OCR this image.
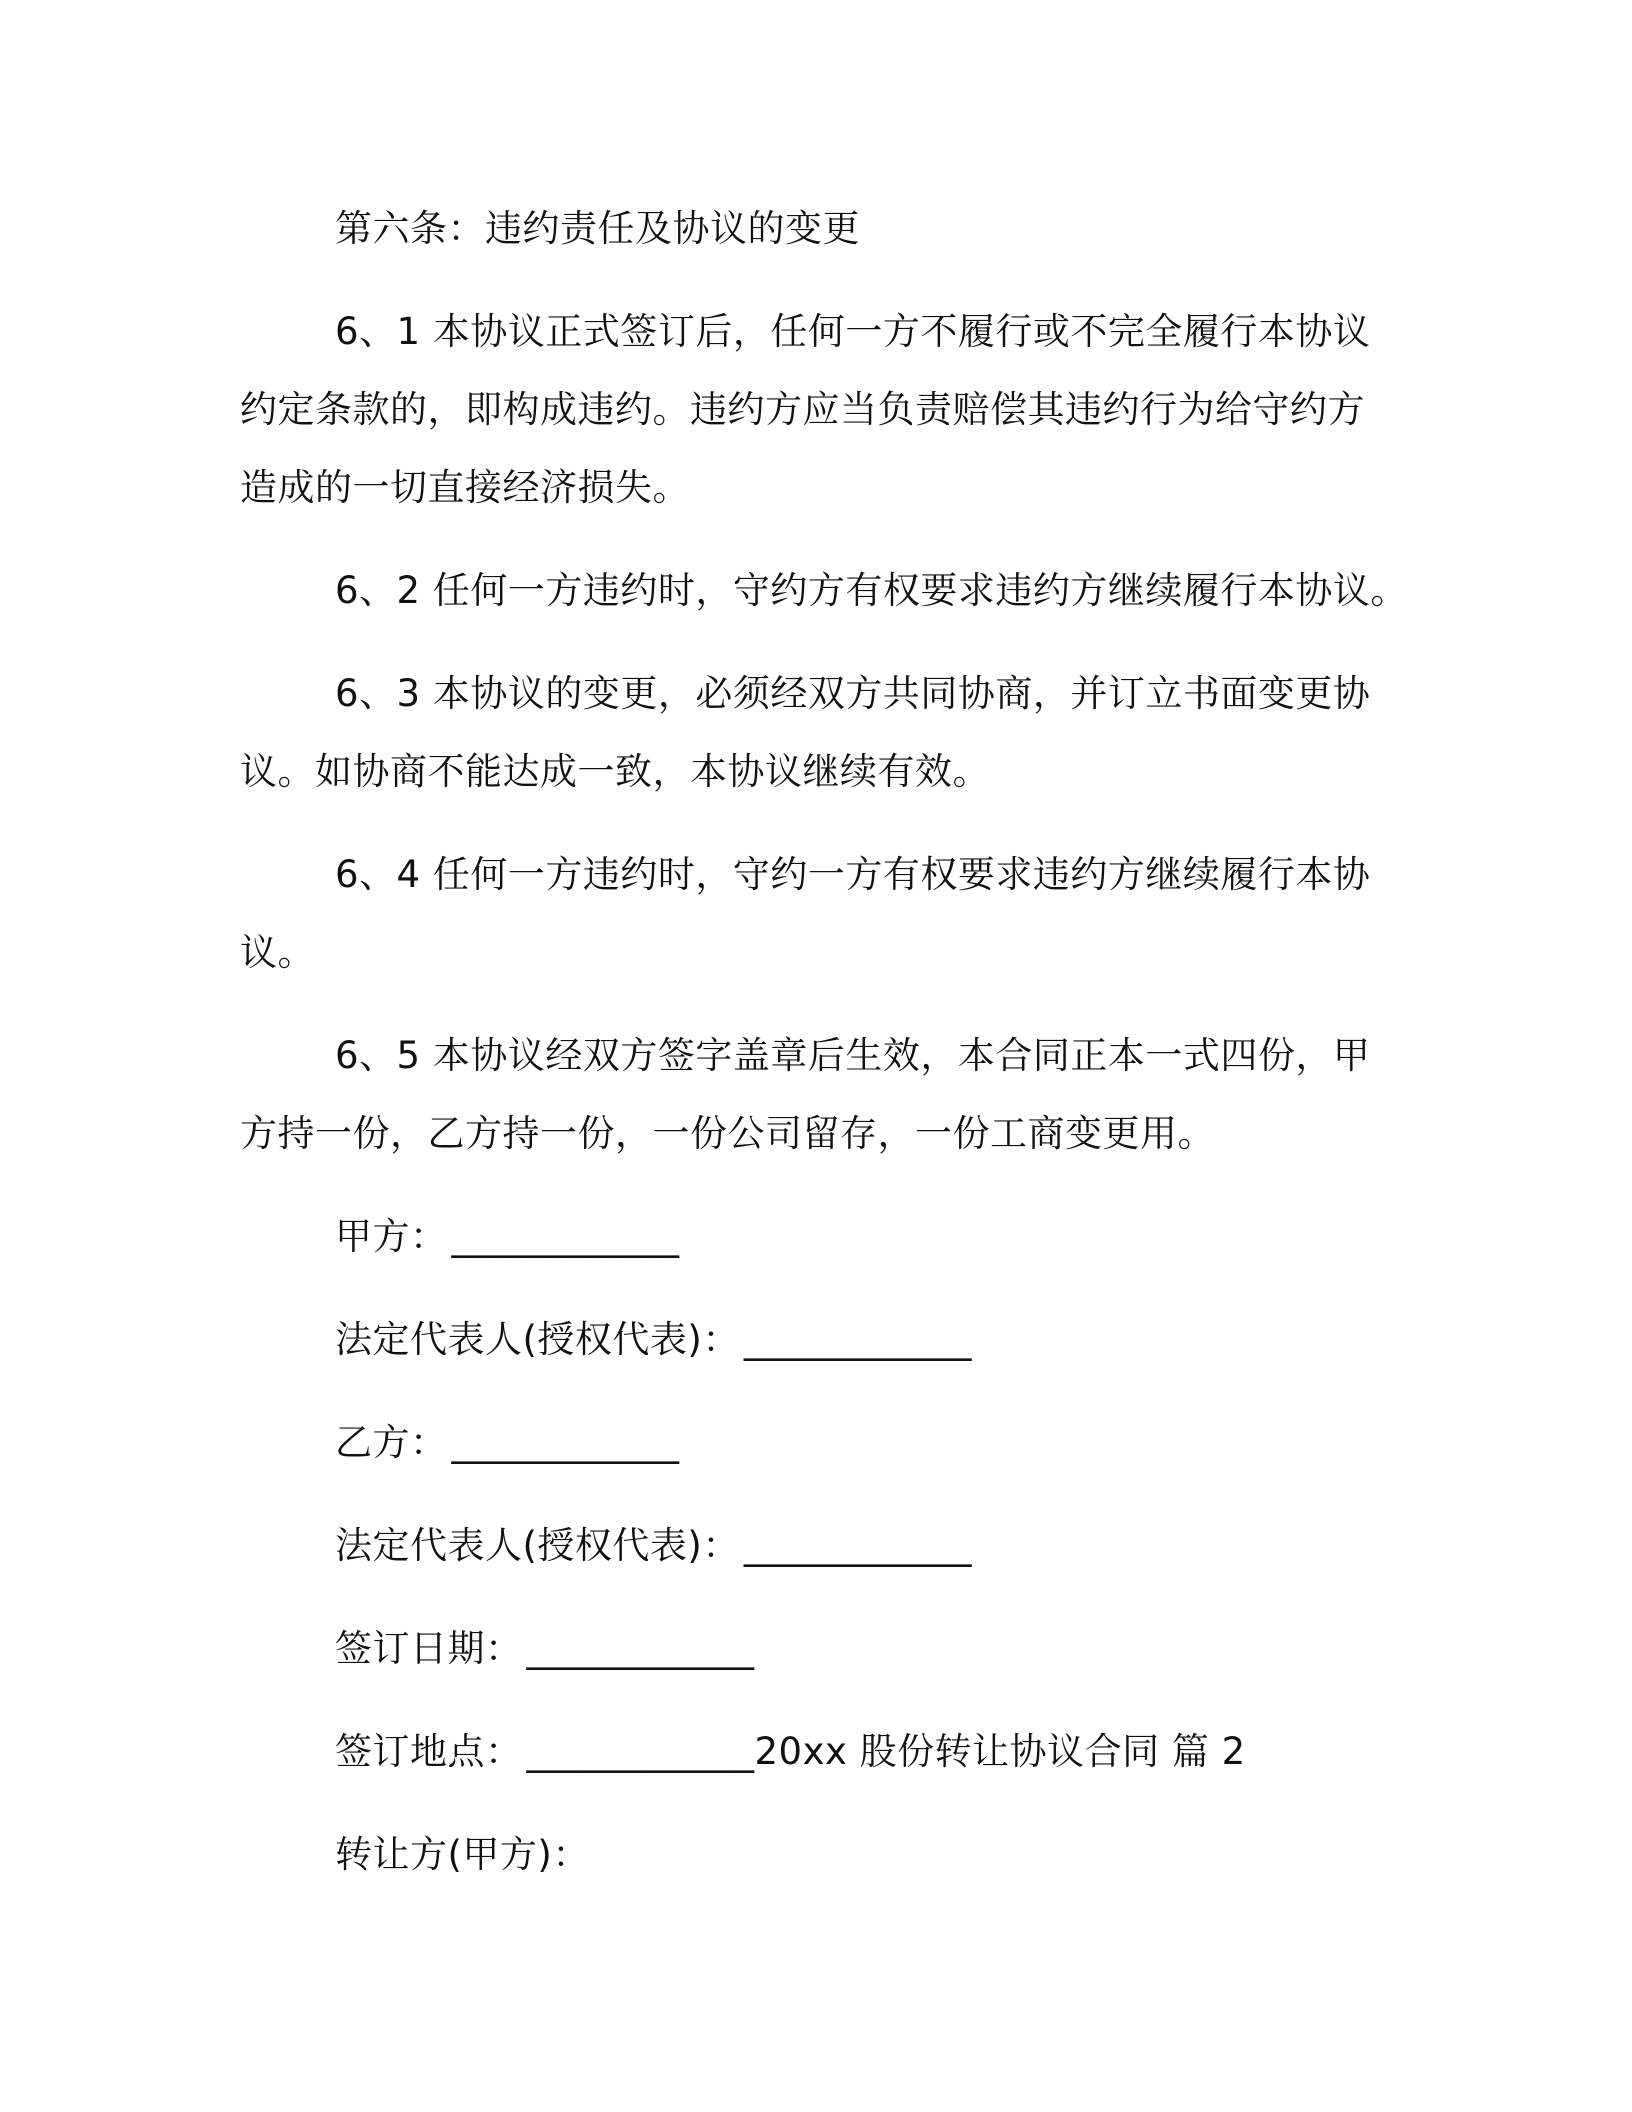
第六条：违约责任及协议的变更
6、1 本协议正式签订后，任何一方不履行或不完全履行本协议
约定条款的，即构成违约。违约方应当负责赔偿其违约行为给守约方
造成的一切直接经济损失。
6、2 任何一方违约时，守约方有权要求违约方继续履行本协议。
6、3 本协议的变更，必须经双方共同协商，并订立书面变更协
议。如协商不能达成一致，本协议继续有效。
6、4 任何一方违约时，守约一方有权要求违约方继续履行本协
议。
6、5 本协议经双方签字盖章后生效，本合同正本一式四份，甲
方持一份，乙方持一份，一份公司留存，一份工商变更用。
甲方： ____________
法定代表人(授权代表)： ____________
乙方： ____________
法定代表人(授权代表)： ____________
签订日期： ____________
签订地点： ____________20xx 股份转让协议合同 篇 2
转让方(甲方)：
